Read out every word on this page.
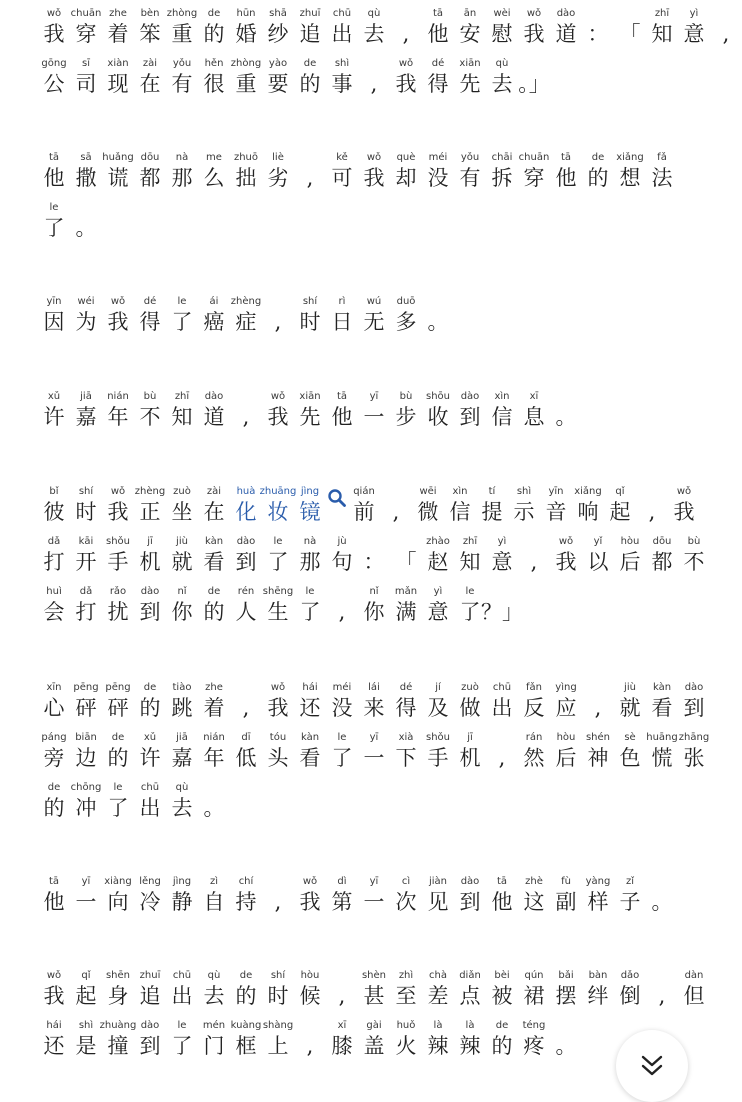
wǒ
我
chuān
穿
zhe
着
bèn
笨
zhòng
重
de
的
hūn
婚
shā
纱
zhuī
追
chū
出
qù
去 ,
tā
他
ān
安
wèi
慰
wǒ
我
dào
道 ： 「
zhī
知
yì
意 ,
gōng
公
sī
司
xiàn
现
zài
在
yǒu
有
hěn
很
zhòng
重
yào
要
de
的
shì
事 ,
wǒ
我
dé
得
xiān
先
qù
去 。」
tā
他
sā
撒
huǎng
谎
dōu
都
nà
那
me
么
zhuō
拙
liè
劣 ,
kě
可
wǒ
我
què
却
méi
没
yǒu
有
chāi
拆
chuān
穿
tā
他
de
的
xiǎng
想
fǎ
法
le
了 。
yīn
因
wéi
为
wǒ
我
dé
得
le
了
ái
癌
zhèng
症 ,
shí
时
rì
日
wú
无
duō
多 。
xǔ
许
jiā
嘉
nián
年
bù
不
zhī
知
dào
道 ,
wǒ
我
xiān
先
tā
他
yī
一
bù
步
shōu
收
dào
到
xìn
信
xī
息 。
bǐ
彼
shí
时
wǒ
我
zhèng
正
zuò
坐
zài
在
huà
化
zhuāng
妆
jìng
镜
qián
前 ,
wēi
微
xìn
信
tí
提
shì
示
yīn
音
xiǎng
响
qǐ
起 ,
wǒ
我
dǎ
打
kāi
开
shǒu
手
jī
机
jiù
就
kàn
看
dào
到
le
了
nà
那
jù
句 ： 「
zhào
赵
zhī
知
yì
意 ,
wǒ
我
yǐ
以
hòu
后
dōu
都
bù
不
huì
会
dǎ
打
rǎo
扰
dào
到
nǐ
你
de
的
rén
人
shēng
生
le
了 ,
nǐ
你
mǎn
满
yì
意
le
了 ？」
xīn
心
pēng
砰
pēng
砰
de
的
tiào
跳
zhe
着 ,
wǒ
我
hái
还
méi
没
lái
来
dé
得
jí
及
zuò
做
chū
出
fǎn
反
yìng
应 ,
jiù
就
kàn
看
dào
到
páng
旁
biān
边
de
的
xǔ
许
jiā
嘉
nián
年
dī
低
tóu
头
kàn
看
le
了
yī
一
xià
下
shǒu
手
jī
机 ,
rán
然
hòu
后
shén
神
sè
色
huāng
慌
zhāng
张
de
的
chōng
冲
le
了
chū
出
qù
去 。
tā
他
yī
一
xiàng
向
lěng
冷
jìng
静
zì
自
chí
持 ,
wǒ
我
dì
第
yī
一
cì
次
jiàn
见
dào
到
tā
他
zhè
这
fù
副
yàng
样
zǐ
子 。
wǒ
我
qǐ
起
shēn
身
zhuī
追
chū
出
qù
去
de
的
shí
时
hòu
候 ,
shèn
甚
zhì
至
chà
差
diǎn
点
bèi
被
qún
裙
bǎi
摆
bàn
绊
dǎo
倒 ,
dàn
但
hái
还
shì
是
zhuàng
撞
dào
到
le
了
mén
门
kuàng
框
shàng
上 ,
xī
膝
gài
盖
huǒ
火
là
辣
là
辣
de
的
téng
疼 。
